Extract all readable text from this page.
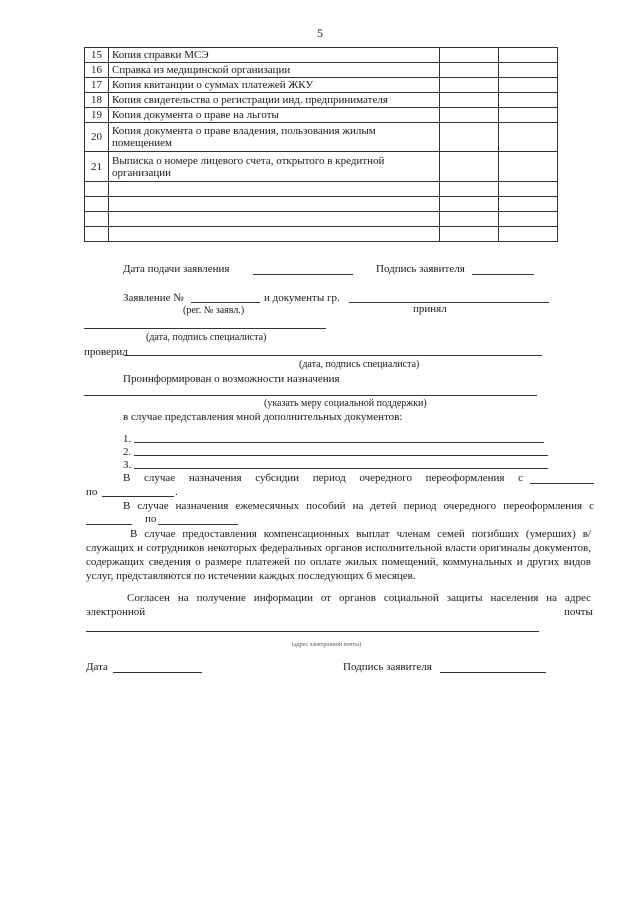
5
15	Копия справки МСЭ		
16	Справка из медицинской организации		
17	Копия квитанции о суммах платежей ЖКУ		
18	Копия свидетельства о регистрации инд. предпринимателя		
19	Копия документа о праве на льготы		
20	Копия документа о праве владения, пользования жилым помещением		
21	Выписка о номере лицевого счета, открытого в кредитной организации		

Дата подачи заявления	Подпись заявителя
Заявление №	и документы гр.
(рег. № заявл.)	принял
(дата, подпись специалиста)
проверил
(дата, подпись специалиста)
Проинформирован о возможности назначения
(указать меру социальной поддержки)
в случае представления мной дополнительных документов:
1.
2.
3.
В случае назначения субсидии период очередного переоформления с
по	.
В случае назначения ежемесячных пособий на детей период очередного переоформления с
по
В случае предоставления компенсационных выплат членам семей погибших (умерших) в/служащих и сотрудников некоторых федеральных органов исполнительной власти оригиналы документов, содержащих сведения о размере платежей по оплате жилых помещений, коммунальных и других видов услуг, представляются по истечении каждых последующих 6 месяцев.
Согласен на получение информации от органов социальной защиты населения на адрес
электронной	почты
(адрес электронной почты)
Дата	Подпись заявителя
